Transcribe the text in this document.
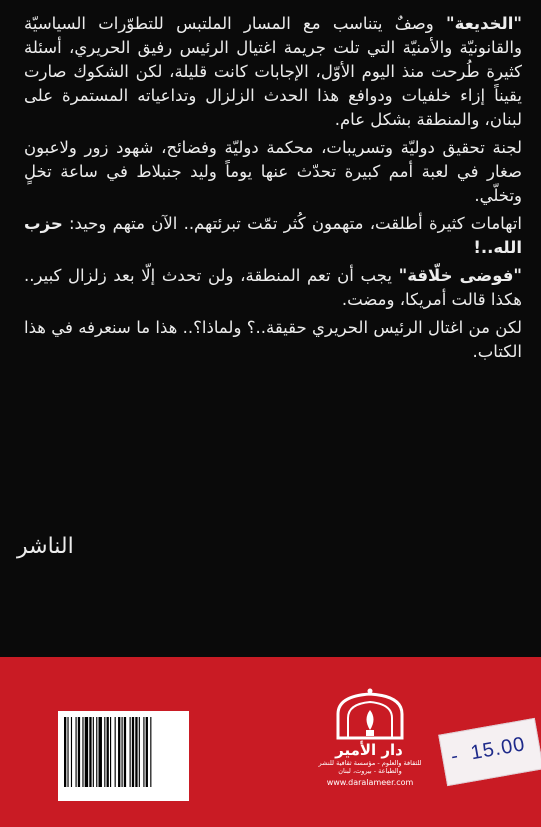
"الخديعة" وصفٌ يتناسب مع المسار الملتبس للتطوّرات السياسيّة والقانونيّة والأمنيّة التي تلت جريمة اغتيال الرئيس رفيق الحريري، أسئلة كثيرة طُرحت منذ اليوم الأوّل، الإجابات كانت قليلة، لكن الشكوك صارت يقيناً إزاء خلفيات ودوافع هذا الحدث الزلزال وتداعياته المستمرة على لبنان، والمنطقة بشكل عام.

لجنة تحقيق دوليّة وتسريبات، محكمة دوليّة وفضائح، شهود زور ولاعبون صغار في لعبة أمم كبيرة تحدّث عنها يوماً وليد جنبلاط في ساعة تخلٍ وتخلّي.

اتهامات كثيرة أطلقت، متهمون كُثر تمّت تبرئتهم.. الآن متهم وحيد: حزب الله..!

"فوضى خلّاقة" يجب أن تعم المنطقة، ولن تحدث إلّا بعد زلزال كبير.. هكذا قالت أمريكا، ومضت.

لكن من اغتال الرئيس الحريري حقيقة..؟ ولماذا؟.. هذا ما سنعرفه في هذا الكتاب.

الناشر
دار الأمير
للثقافة والعلوم - مؤسسة ثقافية للنشر والطباعة - بيروت، لبنان
www.daralameer.com
- 15.00
